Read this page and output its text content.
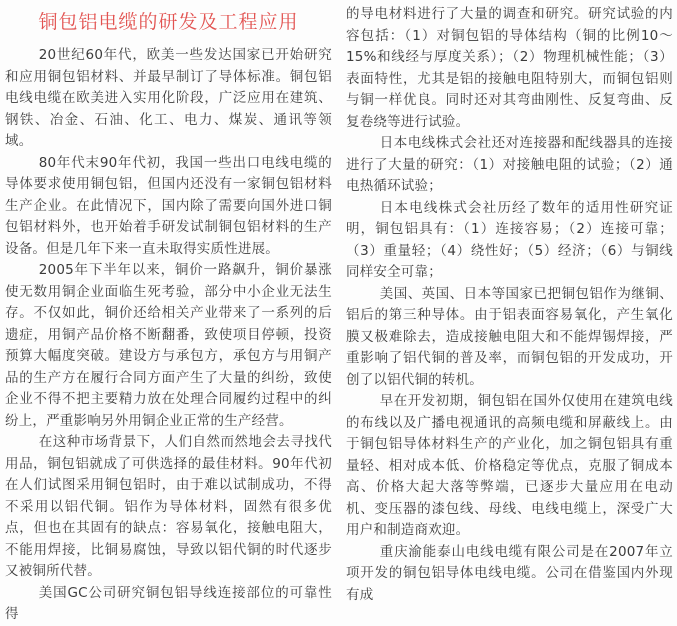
铜包铝电缆的研发及工程应用

20世纪60年代，欧美一些发达国家已开始研究和应用铜包铝材料、并最早制订了导体标准。铜包铝电线电缆在欧美进入实用化阶段，广泛应用在建筑、钢铁、冶金、石油、化工、电力、煤炭、通讯等领域。

80年代末90年代初，我国一些出口电线电缆的导体要求使用铜包铝，但国内还没有一家铜包铝材料生产企业。在此情况下，国内除了需要向国外进口铜包铝材料外，也开始着手研发试制铜包铝材料的生产设备。但是几年下来一直未取得实质性进展。

2005年下半年以来，铜价一路飙升，铜价暴涨使无数用铜企业面临生死考验，部分中小企业无法生存。不仅如此，铜价还给相关产业带来了一系列的后遗症，用铜产品价格不断翻番，致使项目停顿，投资预算大幅度突破。建设方与承包方，承包方与用铜产品的生产方在履行合同方面产生了大量的纠纷，致使企业不得不把主要精力放在处理合同履约过程中的纠纷上，严重影响另外用铜企业正常的生产经营。

在这种市场背景下，人们自然而然地会去寻找代用品，铜包铝就成了可供选择的最佳材料。90年代初在人们试图采用铜包铝时，由于难以试制成功，不得不采用以铝代铜。铝作为导体材料，固然有很多优点，但也在其固有的缺点：容易氧化，接触电阻大，不能用焊接，比铜易腐蚀，导致以铝代铜的时代逐步又被铜所代替。

美国GC公司研究铜包铝导线连接部位的可靠性得

的导电材料进行了大量的调查和研究。研究试验的内容包括：（1）对铜包铝的导体结构（铜的比例10～15%和线经与厚度关系）；（2）物理机械性能；（3）表面特性，尤其是铝的接触电阻特别大，而铜包铝则与铜一样优良。同时还对其弯曲刚性、反复弯曲、反复卷绕等进行试验。

日本电线株式会社还对连接器和配线器具的连接进行了大量的研究：（1）对接触电阻的试验；（2）通电热循环试验；

日本电线株式会社历经了数年的适用性研究证明，铜包铝具有：（1）连接容易；（2）连接可靠；（3）重量轻；（4）绕性好；（5）经济；（6）与铜线同样安全可靠；

美国、英国、日本等国家已把铜包铝作为继铜、铝后的第三种导体。由于铝表面容易氧化，产生氧化膜又极难除去，造成接触电阻大和不能焊锡焊接，严重影响了铝代铜的普及率，而铜包铝的开发成功，开创了以铝代铜的转机。

早在开发初期，铜包铝在国外仅使用在建筑电线的布线以及广播电视通讯的高频电缆和屏蔽线上。由于铜包铝导体材料生产的产业化，加之铜包铝具有重量轻、相对成本低、价格稳定等优点，克服了铜成本高、价格大起大落等弊端，已逐步大量应用在电动机、变压器的漆包线、母线、电线电缆上，深受广大用户和制造商欢迎。

重庆渝能泰山电线电缆有限公司是在2007年立项开发的铜包铝导体电线电缆。公司在借鉴国内外现有成
